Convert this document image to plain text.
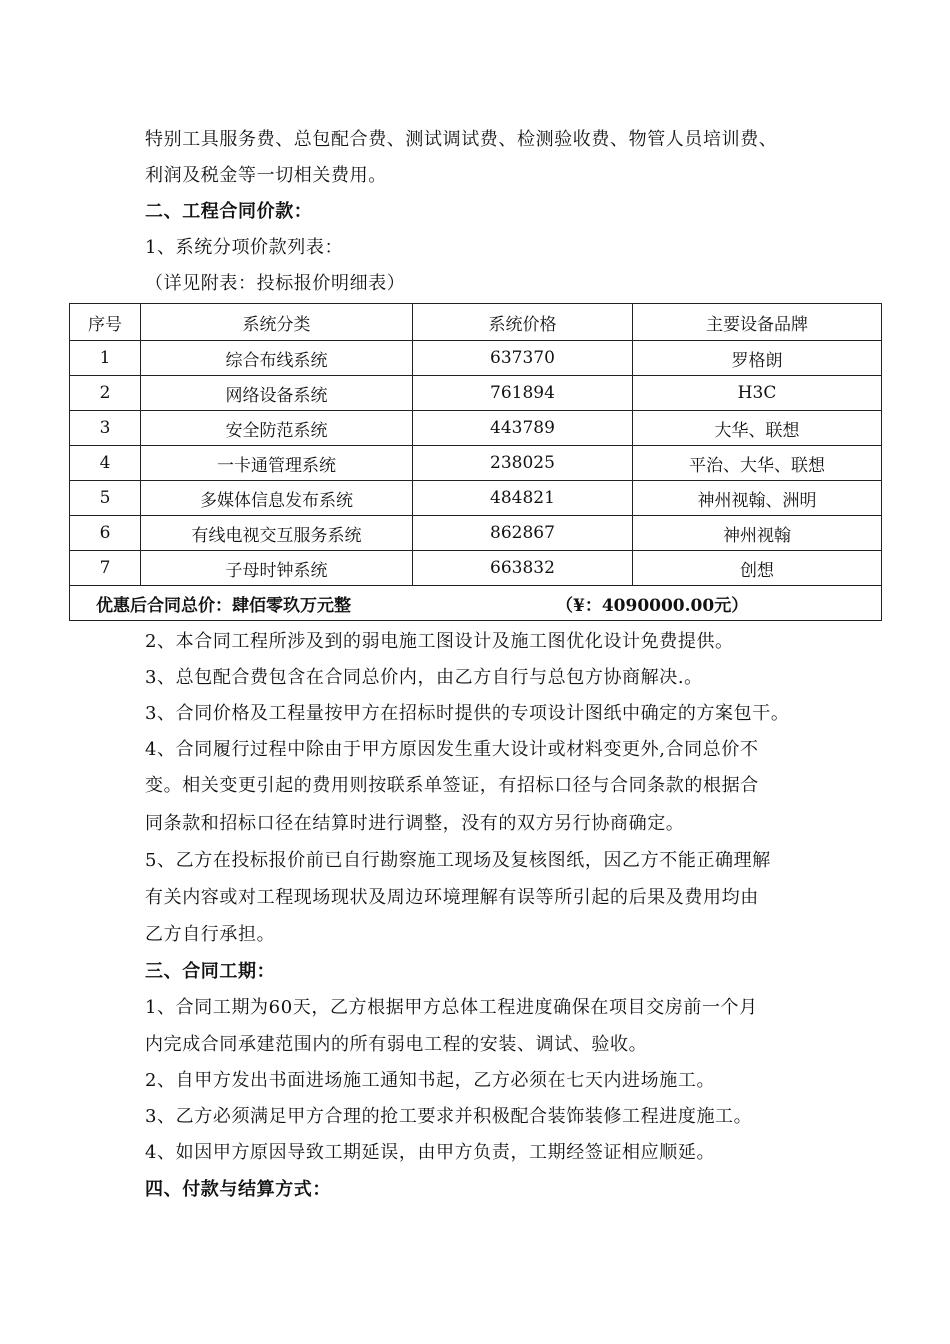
特别工具服务费、总包配合费、测试调试费、检测验收费、物管人员培训费、

利润及税金等一切相关费用。

二、工程合同价款：

1、系统分项价款列表：

（详见附表：投标报价明细表）

序号	系统分类	系统价格	主要设备品牌
1	综合布线系统	637370	罗格朗
2	网络设备系统	761894	H3C
3	安全防范系统	443789	大华、联想
4	一卡通管理系统	238025	平治、大华、联想
5	多媒体信息发布系统	484821	神州视翰、洲明
6	有线电视交互服务系统	862867	神州视翰
7	子母时钟系统	663832	创想
优惠后合同总价：肆佰零玖万元整 （¥：4090000.00元）			

2、本合同工程所涉及到的弱电施工图设计及施工图优化设计免费提供。

3、总包配合费包含在合同总价内，由乙方自行与总包方协商解决.。

3、合同价格及工程量按甲方在招标时提供的专项设计图纸中确定的方案包干。

4、合同履行过程中除由于甲方原因发生重大设计或材料变更外,合同总价不

变。相关变更引起的费用则按联系单签证，有招标口径与合同条款的根据合

同条款和招标口径在结算时进行调整，没有的双方另行协商确定。

5、乙方在投标报价前已自行勘察施工现场及复核图纸，因乙方不能正确理解

有关内容或对工程现场现状及周边环境理解有误等所引起的后果及费用均由

乙方自行承担。

三、合同工期：

1、合同工期为60天，乙方根据甲方总体工程进度确保在项目交房前一个月

内完成合同承建范围内的所有弱电工程的安装、调试、验收。

2、自甲方发出书面进场施工通知书起，乙方必须在七天内进场施工。

3、乙方必须满足甲方合理的抢工要求并积极配合装饰装修工程进度施工。

4、如因甲方原因导致工期延误，由甲方负责，工期经签证相应顺延。

四、付款与结算方式：
